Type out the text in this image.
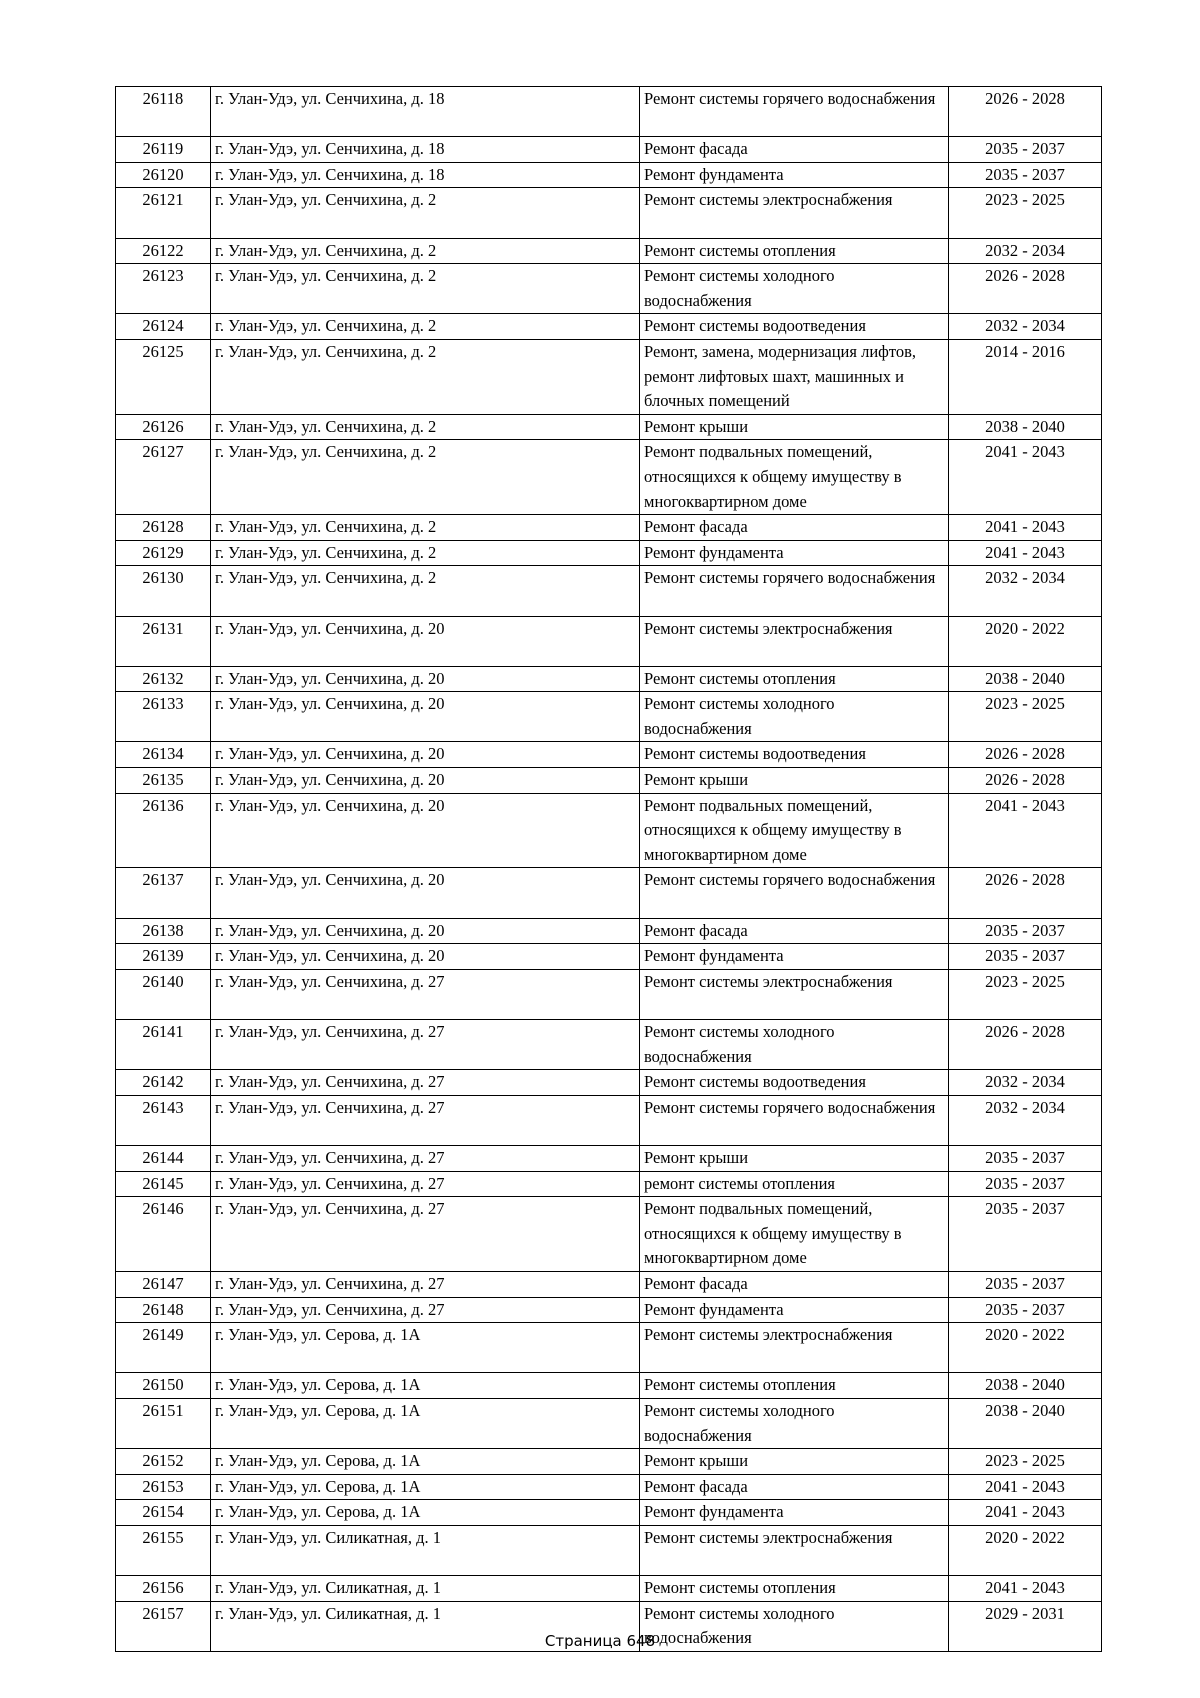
26118	г. Улан-Удэ, ул. Сенчихина, д. 18	Ремонт системы горячего водоснабжения	2026 - 2028
26119	г. Улан-Удэ, ул. Сенчихина, д. 18	Ремонт фасада	2035 - 2037
26120	г. Улан-Удэ, ул. Сенчихина, д. 18	Ремонт фундамента	2035 - 2037
26121	г. Улан-Удэ, ул. Сенчихина, д. 2	Ремонт системы электроснабжения	2023 - 2025
26122	г. Улан-Удэ, ул. Сенчихина, д. 2	Ремонт системы отопления	2032 - 2034
26123	г. Улан-Удэ, ул. Сенчихина, д. 2	Ремонт системы холодного водоснабжения	2026 - 2028
26124	г. Улан-Удэ, ул. Сенчихина, д. 2	Ремонт системы водоотведения	2032 - 2034
26125	г. Улан-Удэ, ул. Сенчихина, д. 2	Ремонт, замена, модернизация лифтов, ремонт лифтовых шахт, машинных и блочных помещений	2014 - 2016
26126	г. Улан-Удэ, ул. Сенчихина, д. 2	Ремонт крыши	2038 - 2040
26127	г. Улан-Удэ, ул. Сенчихина, д. 2	Ремонт подвальных помещений, относящихся к общему имуществу в многоквартирном доме	2041 - 2043
26128	г. Улан-Удэ, ул. Сенчихина, д. 2	Ремонт фасада	2041 - 2043
26129	г. Улан-Удэ, ул. Сенчихина, д. 2	Ремонт фундамента	2041 - 2043
26130	г. Улан-Удэ, ул. Сенчихина, д. 2	Ремонт системы горячего водоснабжения	2032 - 2034
26131	г. Улан-Удэ, ул. Сенчихина, д. 20	Ремонт системы электроснабжения	2020 - 2022
26132	г. Улан-Удэ, ул. Сенчихина, д. 20	Ремонт системы отопления	2038 - 2040
26133	г. Улан-Удэ, ул. Сенчихина, д. 20	Ремонт системы холодного водоснабжения	2023 - 2025
26134	г. Улан-Удэ, ул. Сенчихина, д. 20	Ремонт системы водоотведения	2026 - 2028
26135	г. Улан-Удэ, ул. Сенчихина, д. 20	Ремонт крыши	2026 - 2028
26136	г. Улан-Удэ, ул. Сенчихина, д. 20	Ремонт подвальных помещений, относящихся к общему имуществу в многоквартирном доме	2041 - 2043
26137	г. Улан-Удэ, ул. Сенчихина, д. 20	Ремонт системы горячего водоснабжения	2026 - 2028
26138	г. Улан-Удэ, ул. Сенчихина, д. 20	Ремонт фасада	2035 - 2037
26139	г. Улан-Удэ, ул. Сенчихина, д. 20	Ремонт фундамента	2035 - 2037
26140	г. Улан-Удэ, ул. Сенчихина, д. 27	Ремонт системы электроснабжения	2023 - 2025
26141	г. Улан-Удэ, ул. Сенчихина, д. 27	Ремонт системы холодного водоснабжения	2026 - 2028
26142	г. Улан-Удэ, ул. Сенчихина, д. 27	Ремонт системы водоотведения	2032 - 2034
26143	г. Улан-Удэ, ул. Сенчихина, д. 27	Ремонт системы горячего водоснабжения	2032 - 2034
26144	г. Улан-Удэ, ул. Сенчихина, д. 27	Ремонт крыши	2035 - 2037
26145	г. Улан-Удэ, ул. Сенчихина, д. 27	ремонт системы отопления	2035 - 2037
26146	г. Улан-Удэ, ул. Сенчихина, д. 27	Ремонт подвальных помещений, относящихся к общему имуществу в многоквартирном доме	2035 - 2037
26147	г. Улан-Удэ, ул. Сенчихина, д. 27	Ремонт фасада	2035 - 2037
26148	г. Улан-Удэ, ул. Сенчихина, д. 27	Ремонт фундамента	2035 - 2037
26149	г. Улан-Удэ, ул. Серова, д. 1А	Ремонт системы электроснабжения	2020 - 2022
26150	г. Улан-Удэ, ул. Серова, д. 1А	Ремонт системы отопления	2038 - 2040
26151	г. Улан-Удэ, ул. Серова, д. 1А	Ремонт системы холодного водоснабжения	2038 - 2040
26152	г. Улан-Удэ, ул. Серова, д. 1А	Ремонт крыши	2023 - 2025
26153	г. Улан-Удэ, ул. Серова, д. 1А	Ремонт фасада	2041 - 2043
26154	г. Улан-Удэ, ул. Серова, д. 1А	Ремонт фундамента	2041 - 2043
26155	г. Улан-Удэ, ул. Силикатная, д. 1	Ремонт системы электроснабжения	2020 - 2022
26156	г. Улан-Удэ, ул. Силикатная, д. 1	Ремонт системы отопления	2041 - 2043
26157	г. Улан-Удэ, ул. Силикатная, д. 1	Ремонт системы холодного водоснабжения	2029 - 2031
Страница 648
